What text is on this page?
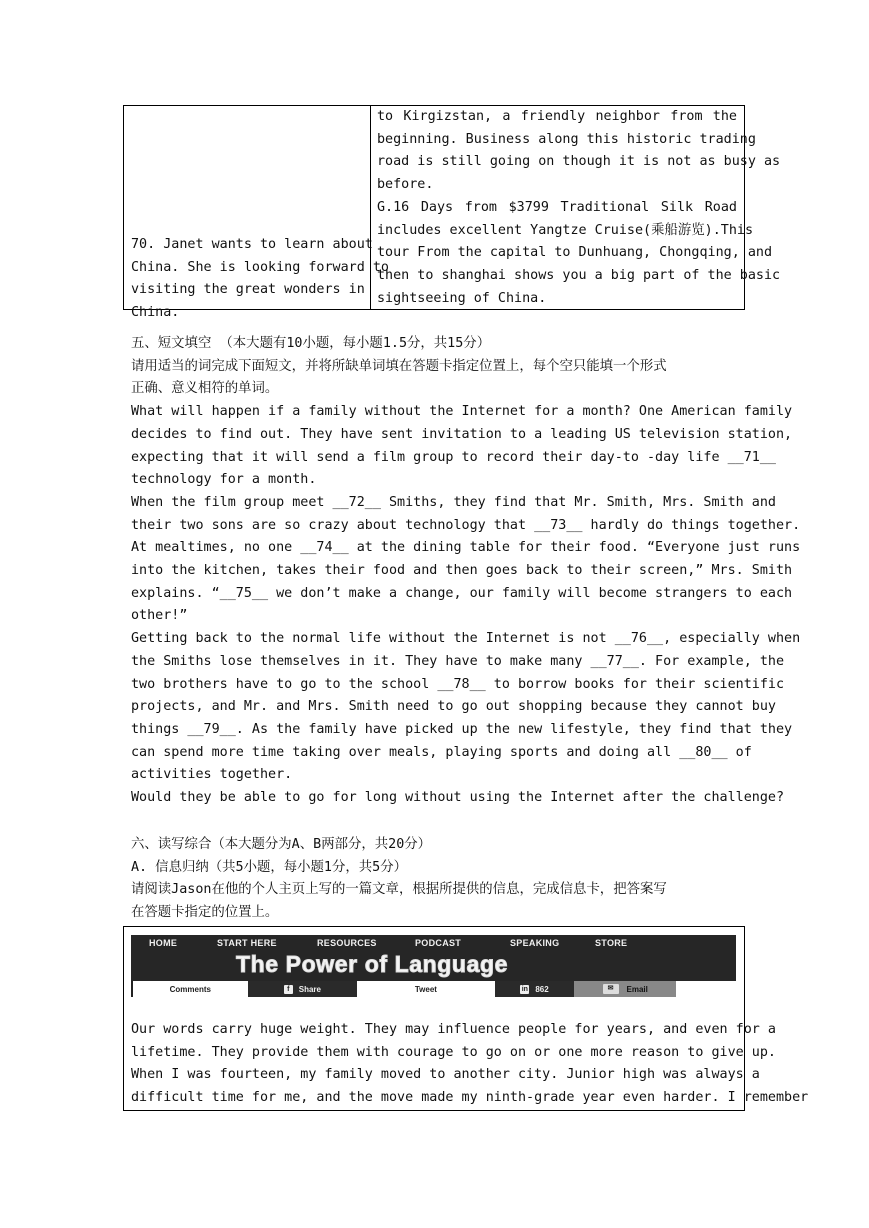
70. Janet wants to learn about
China. She is looking forward to
visiting the great wonders in
China.
to Kirgizstan, a friendly neighbor from the
beginning. Business along this historic trading
road is still going on though it is not as busy as
before.
G.16 Days from $3799 Traditional Silk Road
includes excellent Yangtze Cruise(乘船游览).This
tour From the capital to Dunhuang, Chongqing, and
then to shanghai shows you a big part of the basic
sightseeing of China.
五、短文填空 （本大题有10小题，每小题1.5分，共15分）
请用适当的词完成下面短文，并将所缺单词填在答题卡指定位置上，每个空只能填一个形式
正确、意义相符的单词。
What will happen if a family without the Internet for a month? One American family
decides to find out. They have sent invitation to a leading US television station,
expecting that it will send a film group to record their day-to -day life __71__
technology for a month.
When the film group meet __72__ Smiths, they find that Mr. Smith, Mrs. Smith and
their two sons are so crazy about technology that __73__ hardly do things together.
At mealtimes, no one __74__ at the dining table for their food. “Everyone just runs
into the kitchen, takes their food and then goes back to their screen,” Mrs. Smith
explains. “__75__ we don’t make a change, our family will become strangers to each
other!”
Getting back to the normal life without the Internet is not __76__, especially when
the Smiths lose themselves in it. They have to make many __77__. For example, the
two brothers have to go to the school __78__ to borrow books for their scientific
projects, and Mr. and Mrs. Smith need to go out shopping because they cannot buy
things __79__. As the family have picked up the new lifestyle, they find that they
can spend more time taking over meals, playing sports and doing all __80__ of
activities together.
Would they be able to go for long without using the Internet after the challenge?
六、读写综合（本大题分为A、B两部分，共20分）
A. 信息归纳（共5小题，每小题1分，共5分）
请阅读Jason在他的个人主页上写的一篇文章，根据所提供的信息，完成信息卡，把答案写
在答题卡指定的位置上。
HOME	START HERE	RESOURCES	PODCAST	SPEAKING	STORE
The Power of Language
Comments	f	Share	Tweet	in 862	✉	Email
Our words carry huge weight. They may influence people for years, and even for a
lifetime. They provide them with courage to go on or one more reason to give up.
When I was fourteen, my family moved to another city. Junior high was always a
difficult time for me, and the move made my ninth-grade year even harder. I remember
